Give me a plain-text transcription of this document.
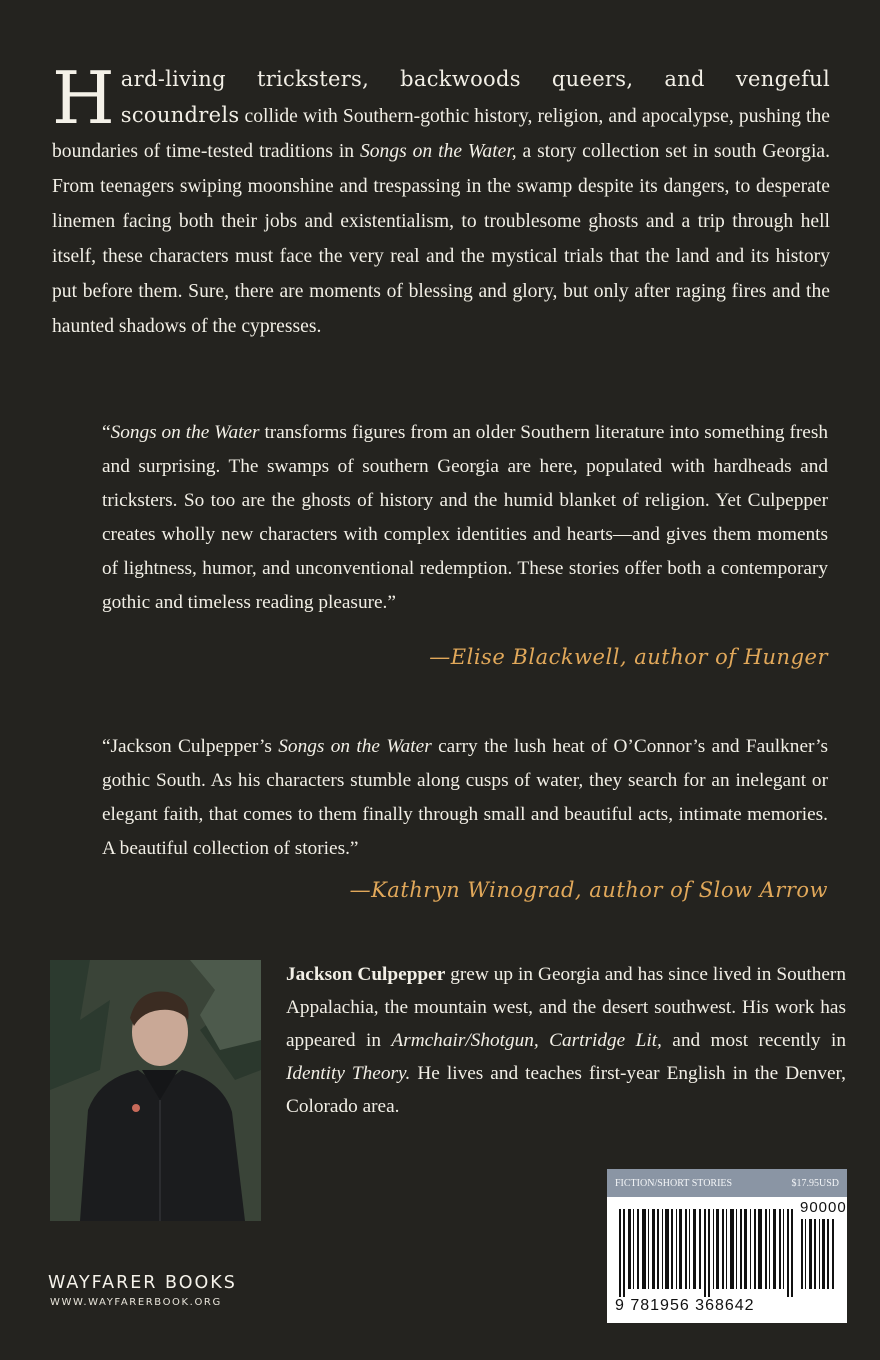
Hard-living tricksters, backwoods queers, and vengeful scoundrels collide with Southern-gothic history, religion, and apocalypse, pushing the boundaries of time-tested traditions in Songs on the Water, a story collection set in south Georgia. From teenagers swiping moonshine and trespassing in the swamp despite its dangers, to desperate linemen facing both their jobs and existentialism, to troublesome ghosts and a trip through hell itself, these characters must face the very real and the mystical trials that the land and its history put before them. Sure, there are moments of blessing and glory, but only after raging fires and the haunted shadows of the cypresses.

“Songs on the Water transforms figures from an older Southern literature into something fresh and surprising. The swamps of southern Georgia are here, populated with hardheads and tricksters. So too are the ghosts of history and the humid blanket of religion. Yet Culpepper creates wholly new characters with complex identities and hearts—and gives them moments of lightness, humor, and unconventional redemption. These stories offer both a contemporary gothic and timeless reading pleasure.”

—Elise Blackwell, author of Hunger

“Jackson Culpepper’s Songs on the Water carry the lush heat of O’Connor’s and Faulkner’s gothic South. As his characters stumble along cusps of water, they search for an inelegant or elegant faith, that comes to them finally through small and beautiful acts, intimate memories. A beautiful collection of stories.”

—Kathryn Winograd, author of Slow Arrow

Jackson Culpepper grew up in Georgia and has since lived in Southern Appalachia, the mountain west, and the desert southwest. His work has appeared in Armchair/Shotgun, Cartridge Lit, and most recently in Identity Theory. He lives and teaches first-year English in the Denver, Colorado area.

WAYFARER BOOKS
WWW.WAYFARERBOOK.ORG
FICTION/SHORT STORIES	$17.95USD
90000
9 781956 368642
